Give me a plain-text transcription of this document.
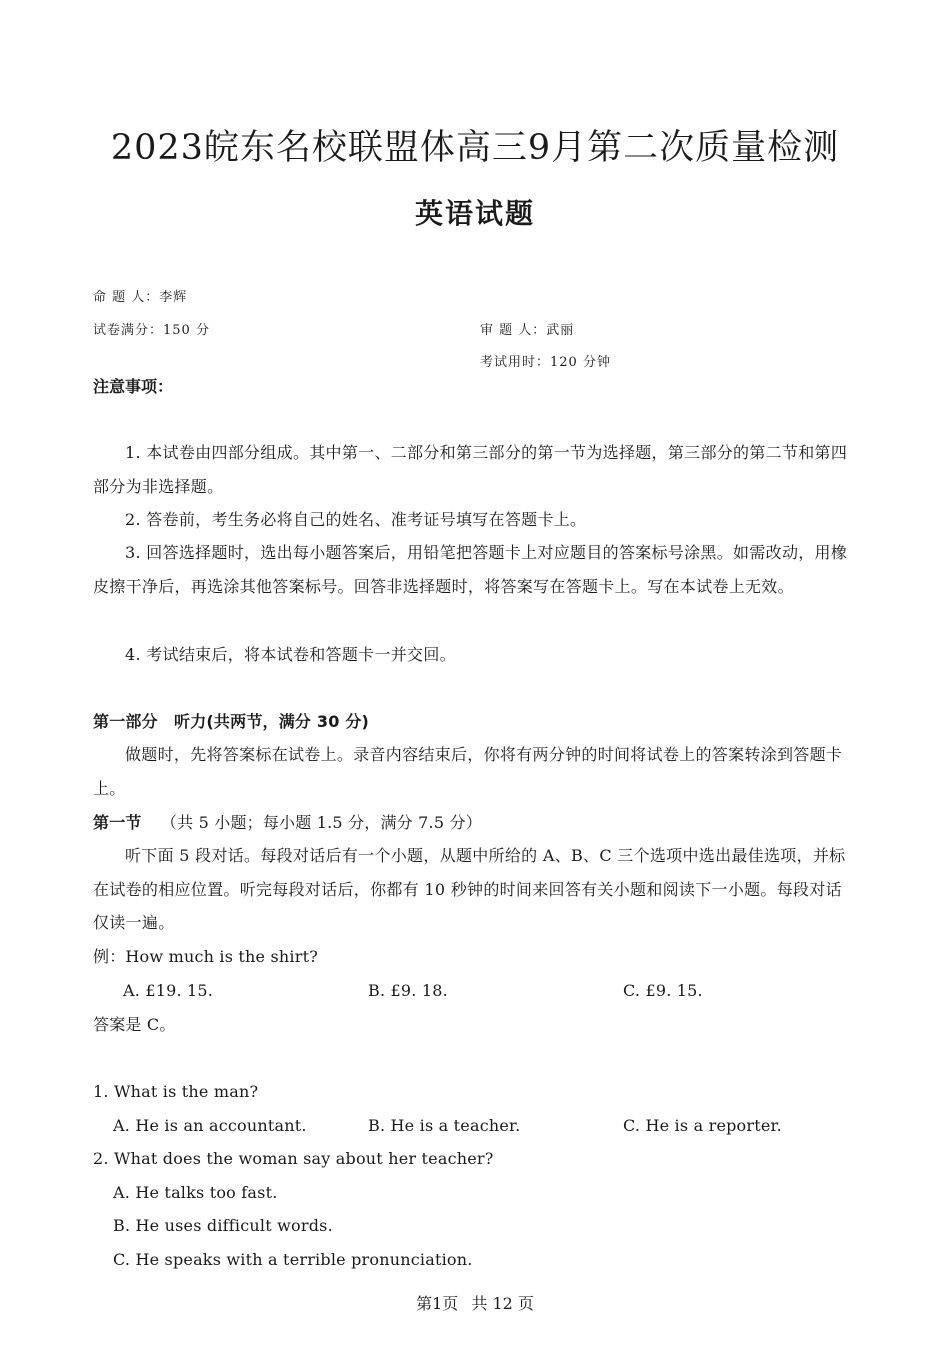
2023皖东名校联盟体高三9月第二次质量检测
英语试题
命 题 人：李辉
试卷满分：150 分	审 题 人：武丽
考试用时：120 分钟
注意事项：
1. 本试卷由四部分组成。其中第一、二部分和第三部分的第一节为选择题，第三部分的第二节和第四部分为非选择题。
2. 答卷前，考生务必将自己的姓名、准考证号填写在答题卡上。
3. 回答选择题时，选出每小题答案后，用铅笔把答题卡上对应题目的答案标号涂黑。如需改动，用橡皮擦干净后，再选涂其他答案标号。回答非选择题时，将答案写在答题卡上。写在本试卷上无效。
4. 考试结束后，将本试卷和答题卡一并交回。
第一部分　听力(共两节，满分 30 分)
做题时，先将答案标在试卷上。录音内容结束后，你将有两分钟的时间将试卷上的答案转涂到答题卡上。
第一节 （共 5 小题；每小题 1.5 分，满分 7.5 分）
听下面 5 段对话。每段对话后有一个小题，从题中所给的 A、B、C 三个选项中选出最佳选项，并标在试卷的相应位置。听完每段对话后，你都有 10 秒钟的时间来回答有关小题和阅读下一小题。每段对话仅读一遍。
例：How much is the shirt?
A. £19. 15.	B. £9. 18.	C. £9. 15.
答案是 C。
1. What is the man?
A. He is an accountant.	B. He is a teacher.	C. He is a reporter.
2. What does the woman say about her teacher?
A. He talks too fast.
B. He uses difficult words.
C. He speaks with a terrible pronunciation.
第1页 共 12 页
